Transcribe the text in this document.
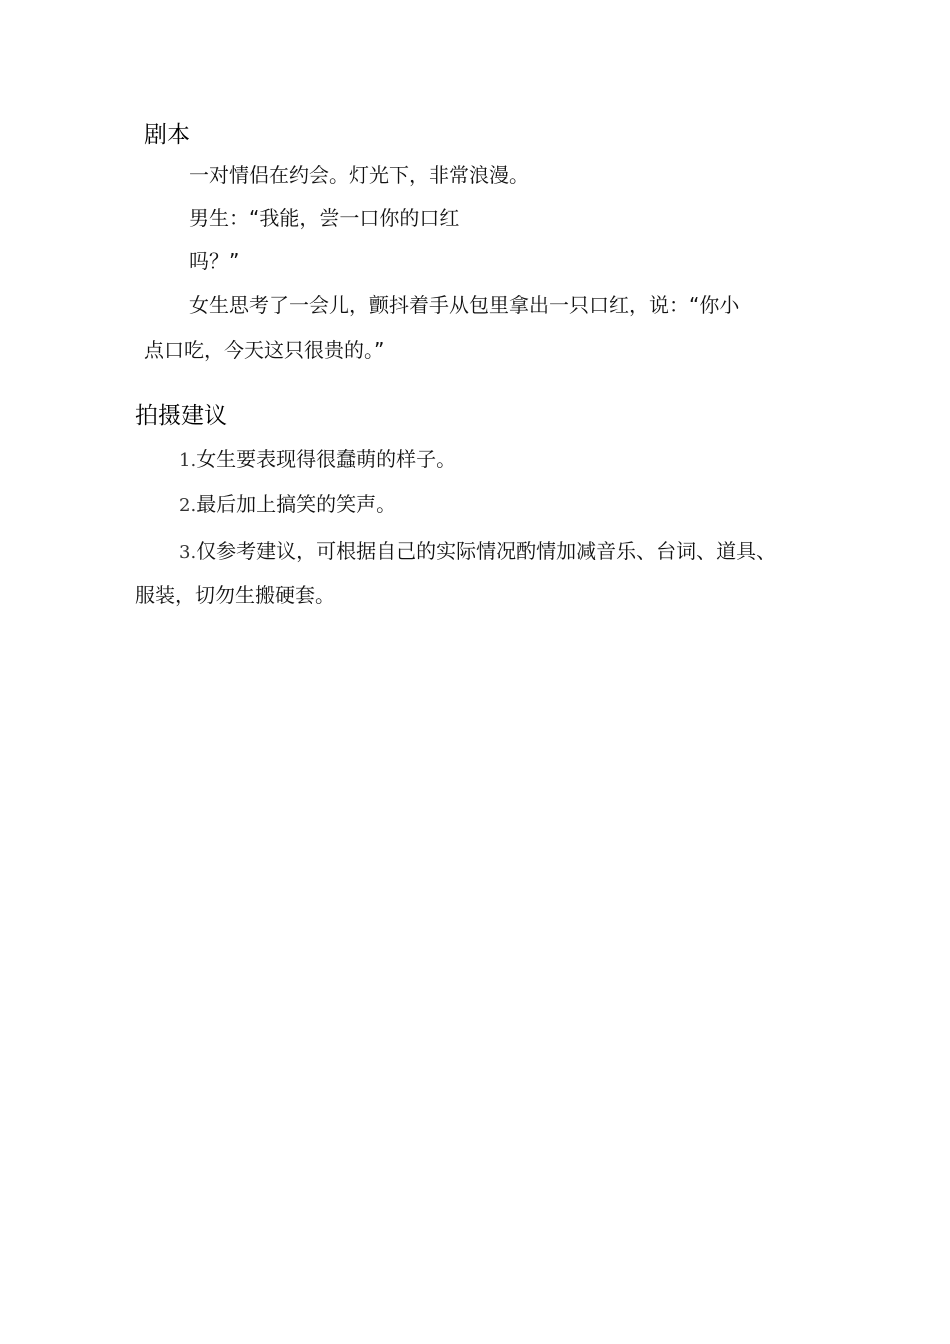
剧本
一对情侣在约会。灯光下，非常浪漫。
男生：“我能，尝一口你的口红
吗？”
女生思考了一会儿，颤抖着手从包里拿出一只口红，说：“你小
点口吃，今天这只很贵的。”
拍摄建议
1.女生要表现得很蠢萌的样子。
2.最后加上搞笑的笑声。
3.仅参考建议，可根据自己的实际情况酌情加减音乐、台词、道具、
服装，切勿生搬硬套。
